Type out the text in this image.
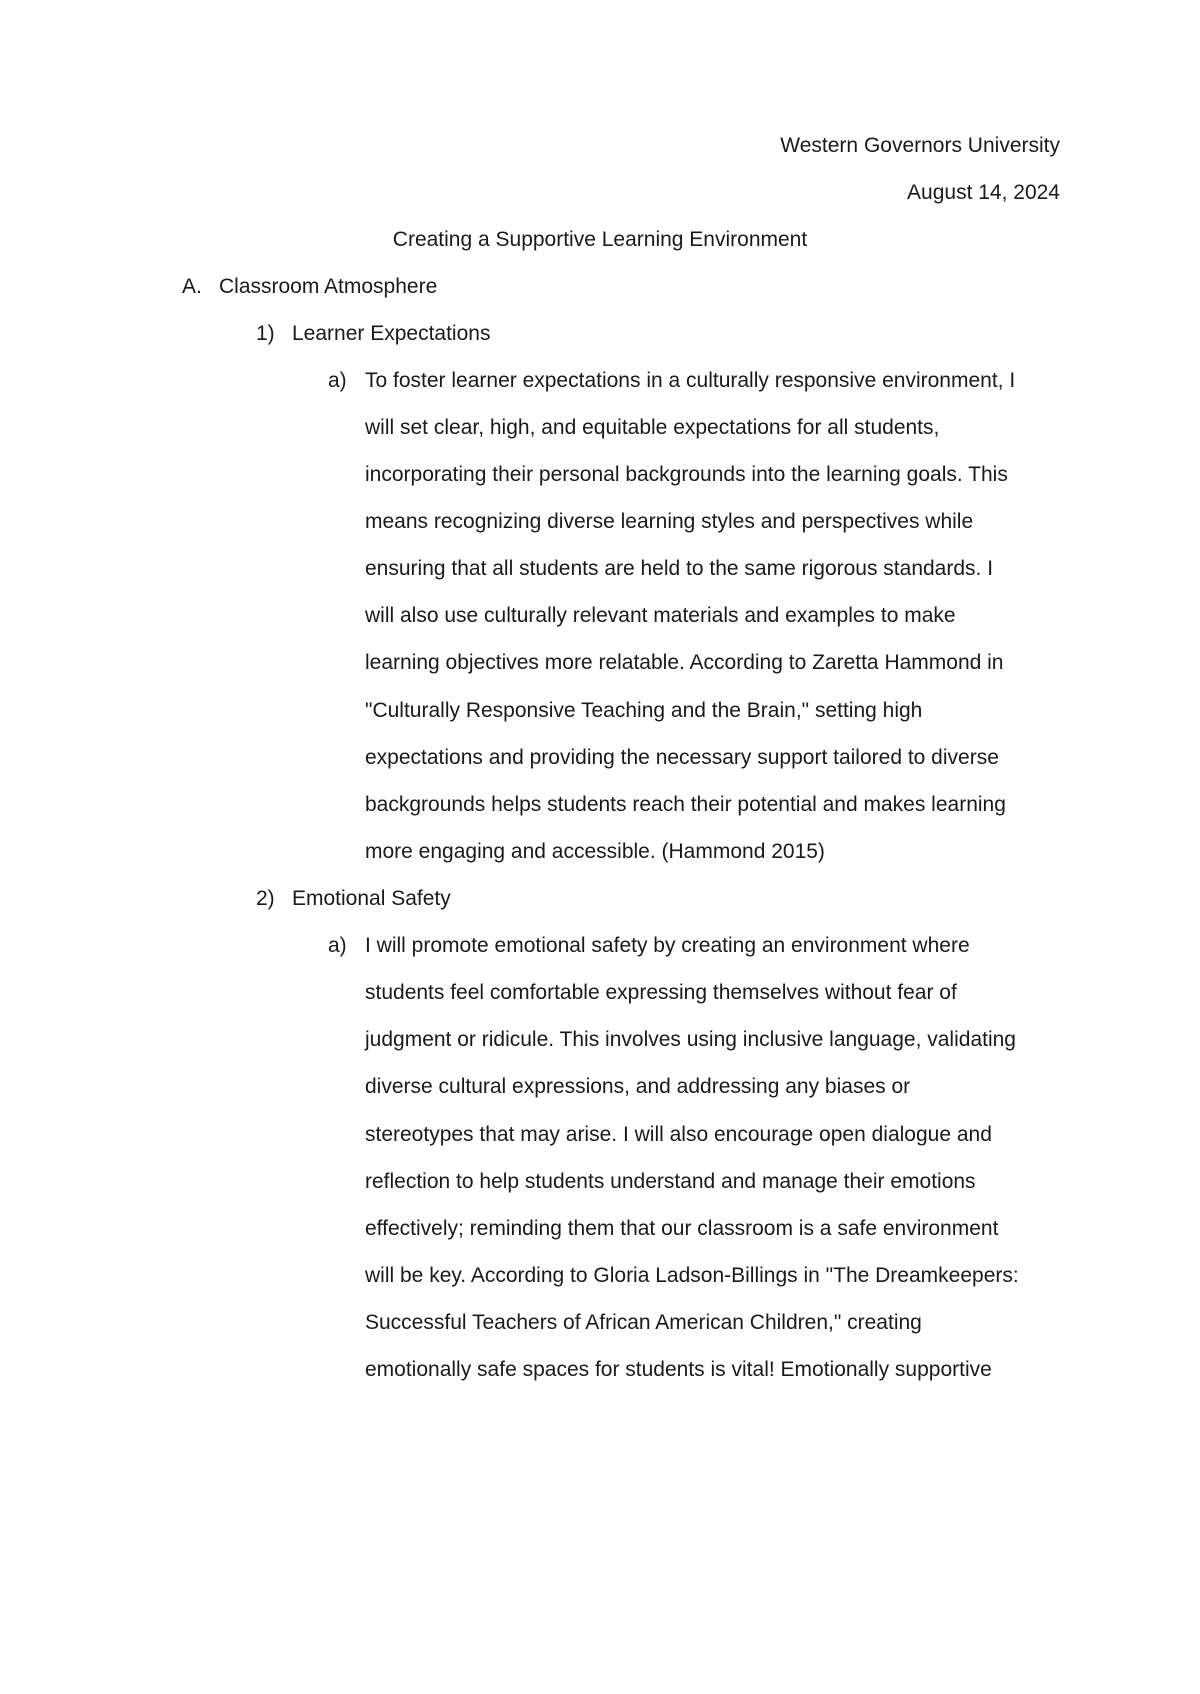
Western Governors University
August 14, 2024
Creating a Supportive Learning Environment
A. Classroom Atmosphere
1) Learner Expectations
a) To foster learner expectations in a culturally responsive environment, I
will set clear, high, and equitable expectations for all students,
incorporating their personal backgrounds into the learning goals. This
means recognizing diverse learning styles and perspectives while
ensuring that all students are held to the same rigorous standards. I
will also use culturally relevant materials and examples to make
learning objectives more relatable. According to Zaretta Hammond in
"Culturally Responsive Teaching and the Brain," setting high
expectations and providing the necessary support tailored to diverse
backgrounds helps students reach their potential and makes learning
more engaging and accessible. (Hammond 2015)
2) Emotional Safety
a) I will promote emotional safety by creating an environment where
students feel comfortable expressing themselves without fear of
judgment or ridicule. This involves using inclusive language, validating
diverse cultural expressions, and addressing any biases or
stereotypes that may arise. I will also encourage open dialogue and
reflection to help students understand and manage their emotions
effectively; reminding them that our classroom is a safe environment
will be key. According to Gloria Ladson-Billings in "The Dreamkeepers:
Successful Teachers of African American Children," creating
emotionally safe spaces for students is vital! Emotionally supportive
